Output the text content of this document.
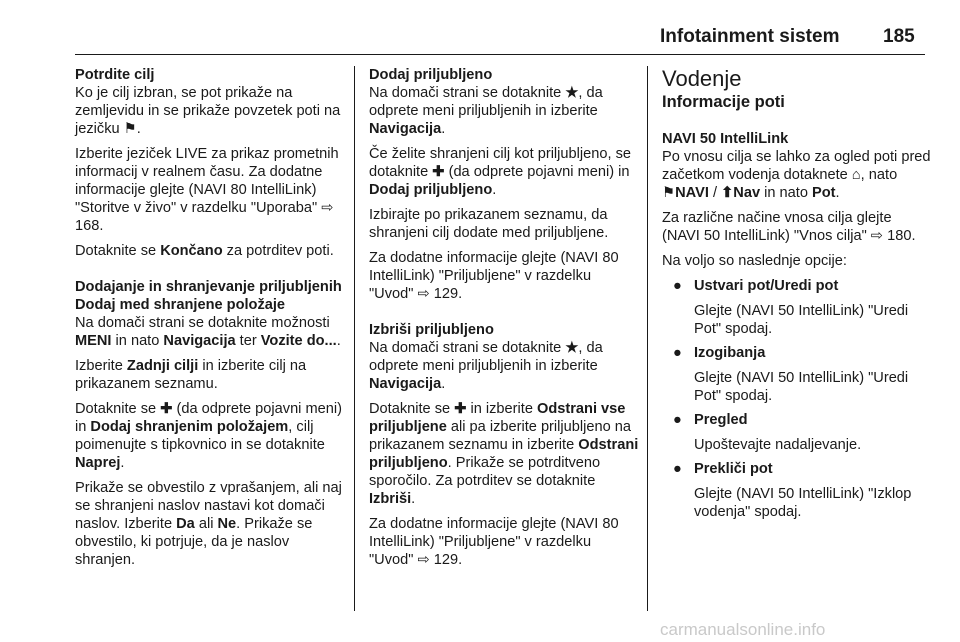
Infotainment sistem 185

Potrdite cilj

Ko je cilj izbran, se pot prikaže na zemljevidu in se prikaže povzetek poti na jezičku ⚑.

Izberite jeziček LIVE za prikaz prometnih informacij v realnem času. Za dodatne informacije glejte (NAVI 80 IntelliLink) "Storitve v živo" v razdelku "Uporaba" ⇨ 168.

Dotaknite se Končano za potrditev poti.

Dodajanje in shranjevanje priljubljenih

Dodaj med shranjene položaje

Na domači strani se dotaknite možnosti MENI in nato Navigacija ter Vozite do....

Izberite Zadnji cilji in izberite cilj na prikazanem seznamu.

Dotaknite se ✚ (da odprete pojavni meni) in Dodaj shranjenim položajem, cilj poimenujte s tipkovnico in se dotaknite Naprej.

Prikaže se obvestilo z vprašanjem, ali naj se shranjeni naslov nastavi kot domači naslov. Izberite Da ali Ne. Prikaže se obvestilo, ki potrjuje, da je naslov shranjen.

Dodaj priljubljeno

Na domači strani se dotaknite ★, da odprete meni priljubljenih in izberite Navigacija.

Če želite shranjeni cilj kot priljubljeno, se dotaknite ✚ (da odprete pojavni meni) in Dodaj priljubljeno.

Izbirajte po prikazanem seznamu, da shranjeni cilj dodate med priljubljene.

Za dodatne informacije glejte (NAVI 80 IntelliLink) "Priljubljene" v razdelku "Uvod" ⇨ 129.

Izbriši priljubljeno

Na domači strani se dotaknite ★, da odprete meni priljubljenih in izberite Navigacija.

Dotaknite se ✚ in izberite Odstrani vse priljubljene ali pa izberite priljubljeno na prikazanem seznamu in izberite Odstrani priljubljeno. Prikaže se potrditveno sporočilo. Za potrditev se dotaknite Izbriši.

Za dodatne informacije glejte (NAVI 80 IntelliLink) "Priljubljene" v razdelku "Uvod" ⇨ 129.

Vodenje

Informacije poti

NAVI 50 IntelliLink

Po vnosu cilja se lahko za ogled poti pred začetkom vodenja dotaknete ⌂, nato ⚑NAVI / ⬆Nav in nato Pot.

Za različne načine vnosa cilja glejte (NAVI 50 IntelliLink) "Vnos cilja" ⇨ 180.

Na voljo so naslednje opcije:

● Ustvari pot/Uredi pot
Glejte (NAVI 50 IntelliLink) "Uredi Pot" spodaj.
● Izogibanja
Glejte (NAVI 50 IntelliLink) "Uredi Pot" spodaj.
● Pregled
Upoštevajte nadaljevanje.
● Prekliči pot
Glejte (NAVI 50 IntelliLink) "Izklop vodenja" spodaj.
carmanualsonline.info
